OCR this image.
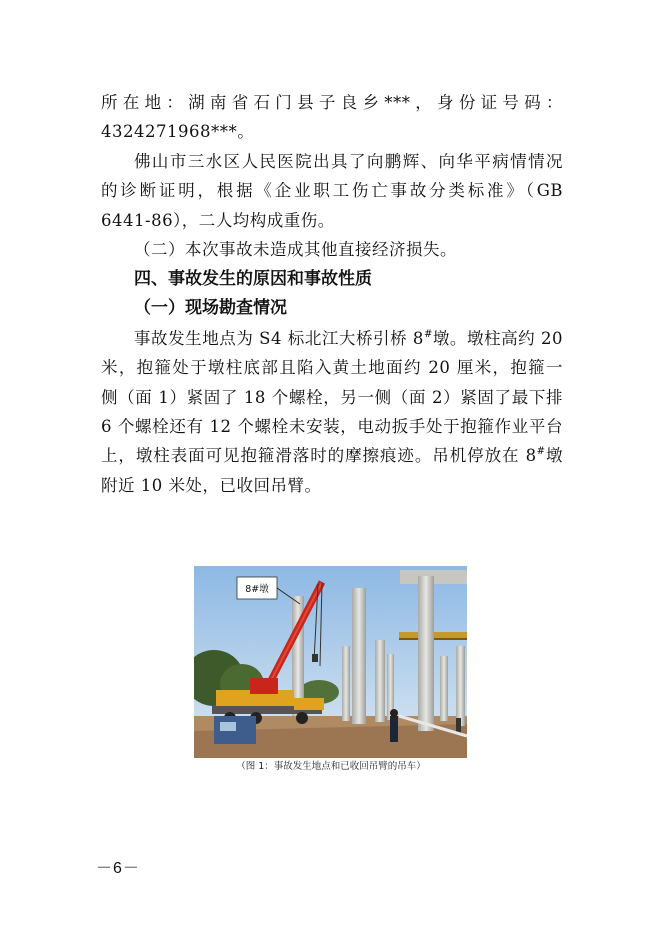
所在地：湖南省石门县子良乡***，身份证号码：

4324271968***。

佛山市三水区人民医院出具了向鹏辉、向华平病情情况

的诊断证明，根据《企业职工伤亡事故分类标准》（GB

6441-86），二人均构成重伤。

（二）本次事故未造成其他直接经济损失。

四、事故发生的原因和事故性质

（一）现场勘查情况

事故发生地点为 S4 标北江大桥引桥 8#墩。墩柱高约 20

米，抱箍处于墩柱底部且陷入黄土地面约 20 厘米，抱箍一

侧（面 1）紧固了 18 个螺栓，另一侧（面 2）紧固了最下排

6 个螺栓还有 12 个螺栓未安装，电动扳手处于抱箍作业平台

上，墩柱表面可见抱箍滑落时的摩擦痕迹。吊机停放在 8#墩

附近 10 米处，已收回吊臂。

8#墩
（图 1：事故发生地点和已收回吊臂的吊车）
－6－
